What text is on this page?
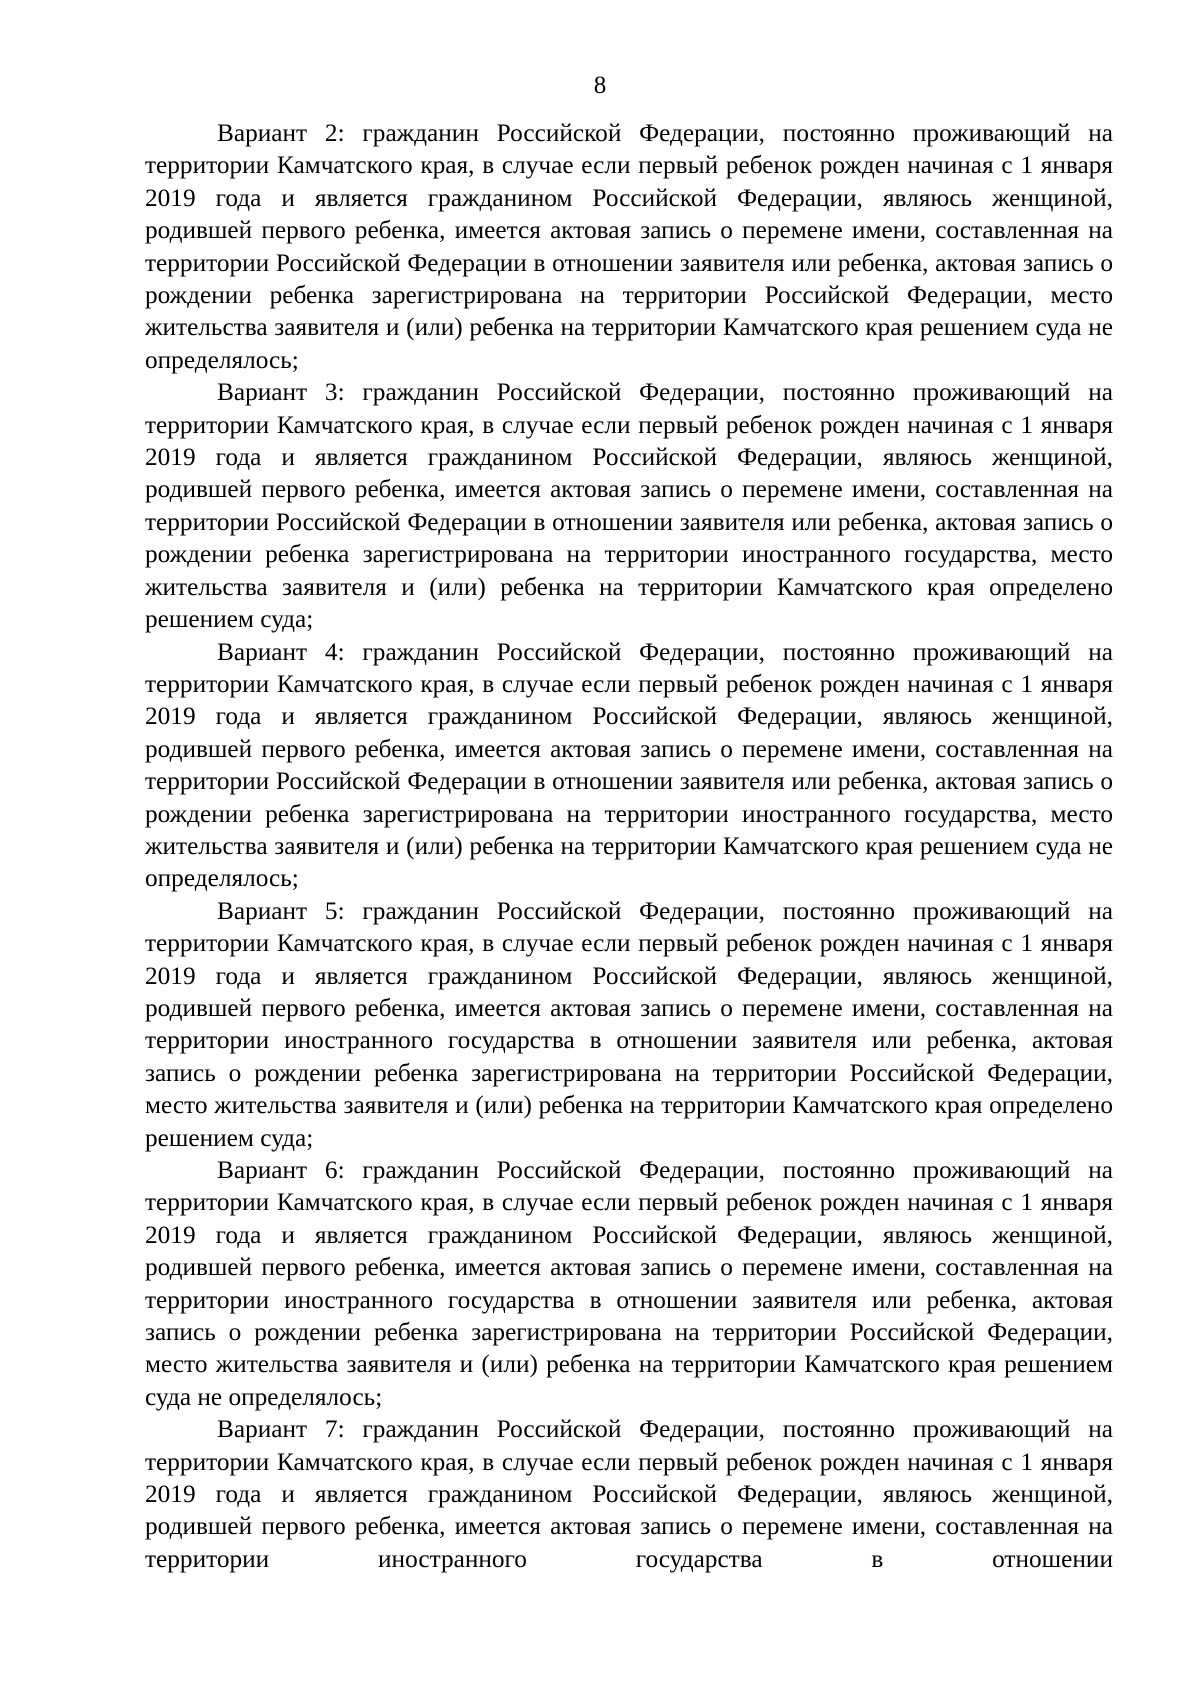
8

Вариант 2: гражданин Российской Федерации, постоянно проживающий на территории Камчатского края, в случае если первый ребенок рожден начиная с 1 января 2019 года и является гражданином Российской Федерации, являюсь женщиной, родившей первого ребенка, имеется актовая запись о перемене имени, составленная на территории Российской Федерации в отношении заявителя или ребенка, актовая запись о рождении ребенка зарегистрирована на территории Российской Федерации, место жительства заявителя и (или) ребенка на территории Камчатского края решением суда не определялось;

Вариант 3: гражданин Российской Федерации, постоянно проживающий на территории Камчатского края, в случае если первый ребенок рожден начиная с 1 января 2019 года и является гражданином Российской Федерации, являюсь женщиной, родившей первого ребенка, имеется актовая запись о перемене имени, составленная на территории Российской Федерации в отношении заявителя или ребенка, актовая запись о рождении ребенка зарегистрирована на территории иностранного государства, место жительства заявителя и (или) ребенка на территории Камчатского края определено решением суда;

Вариант 4: гражданин Российской Федерации, постоянно проживающий на территории Камчатского края, в случае если первый ребенок рожден начиная с 1 января 2019 года и является гражданином Российской Федерации, являюсь женщиной, родившей первого ребенка, имеется актовая запись о перемене имени, составленная на территории Российской Федерации в отношении заявителя или ребенка, актовая запись о рождении ребенка зарегистрирована на территории иностранного государства, место жительства заявителя и (или) ребенка на территории Камчатского края решением суда не определялось;

Вариант 5: гражданин Российской Федерации, постоянно проживающий на территории Камчатского края, в случае если первый ребенок рожден начиная с 1 января 2019 года и является гражданином Российской Федерации, являюсь женщиной, родившей первого ребенка, имеется актовая запись о перемене имени, составленная на территории иностранного государства в отношении заявителя или ребенка, актовая запись о рождении ребенка зарегистрирована на территории Российской Федерации, место жительства заявителя и (или) ребенка на территории Камчатского края определено решением суда;

Вариант 6: гражданин Российской Федерации, постоянно проживающий на территории Камчатского края, в случае если первый ребенок рожден начиная с 1 января 2019 года и является гражданином Российской Федерации, являюсь женщиной, родившей первого ребенка, имеется актовая запись о перемене имени, составленная на территории иностранного государства в отношении заявителя или ребенка, актовая запись о рождении ребенка зарегистрирована на территории Российской Федерации, место жительства заявителя и (или) ребенка на территории Камчатского края решением суда не определялось;

Вариант 7: гражданин Российской Федерации, постоянно проживающий на территории Камчатского края, в случае если первый ребенок рожден начиная с 1 января 2019 года и является гражданином Российской Федерации, являюсь женщиной, родившей первого ребенка, имеется актовая запись о перемене имени, составленная на территории иностранного государства в отношении
